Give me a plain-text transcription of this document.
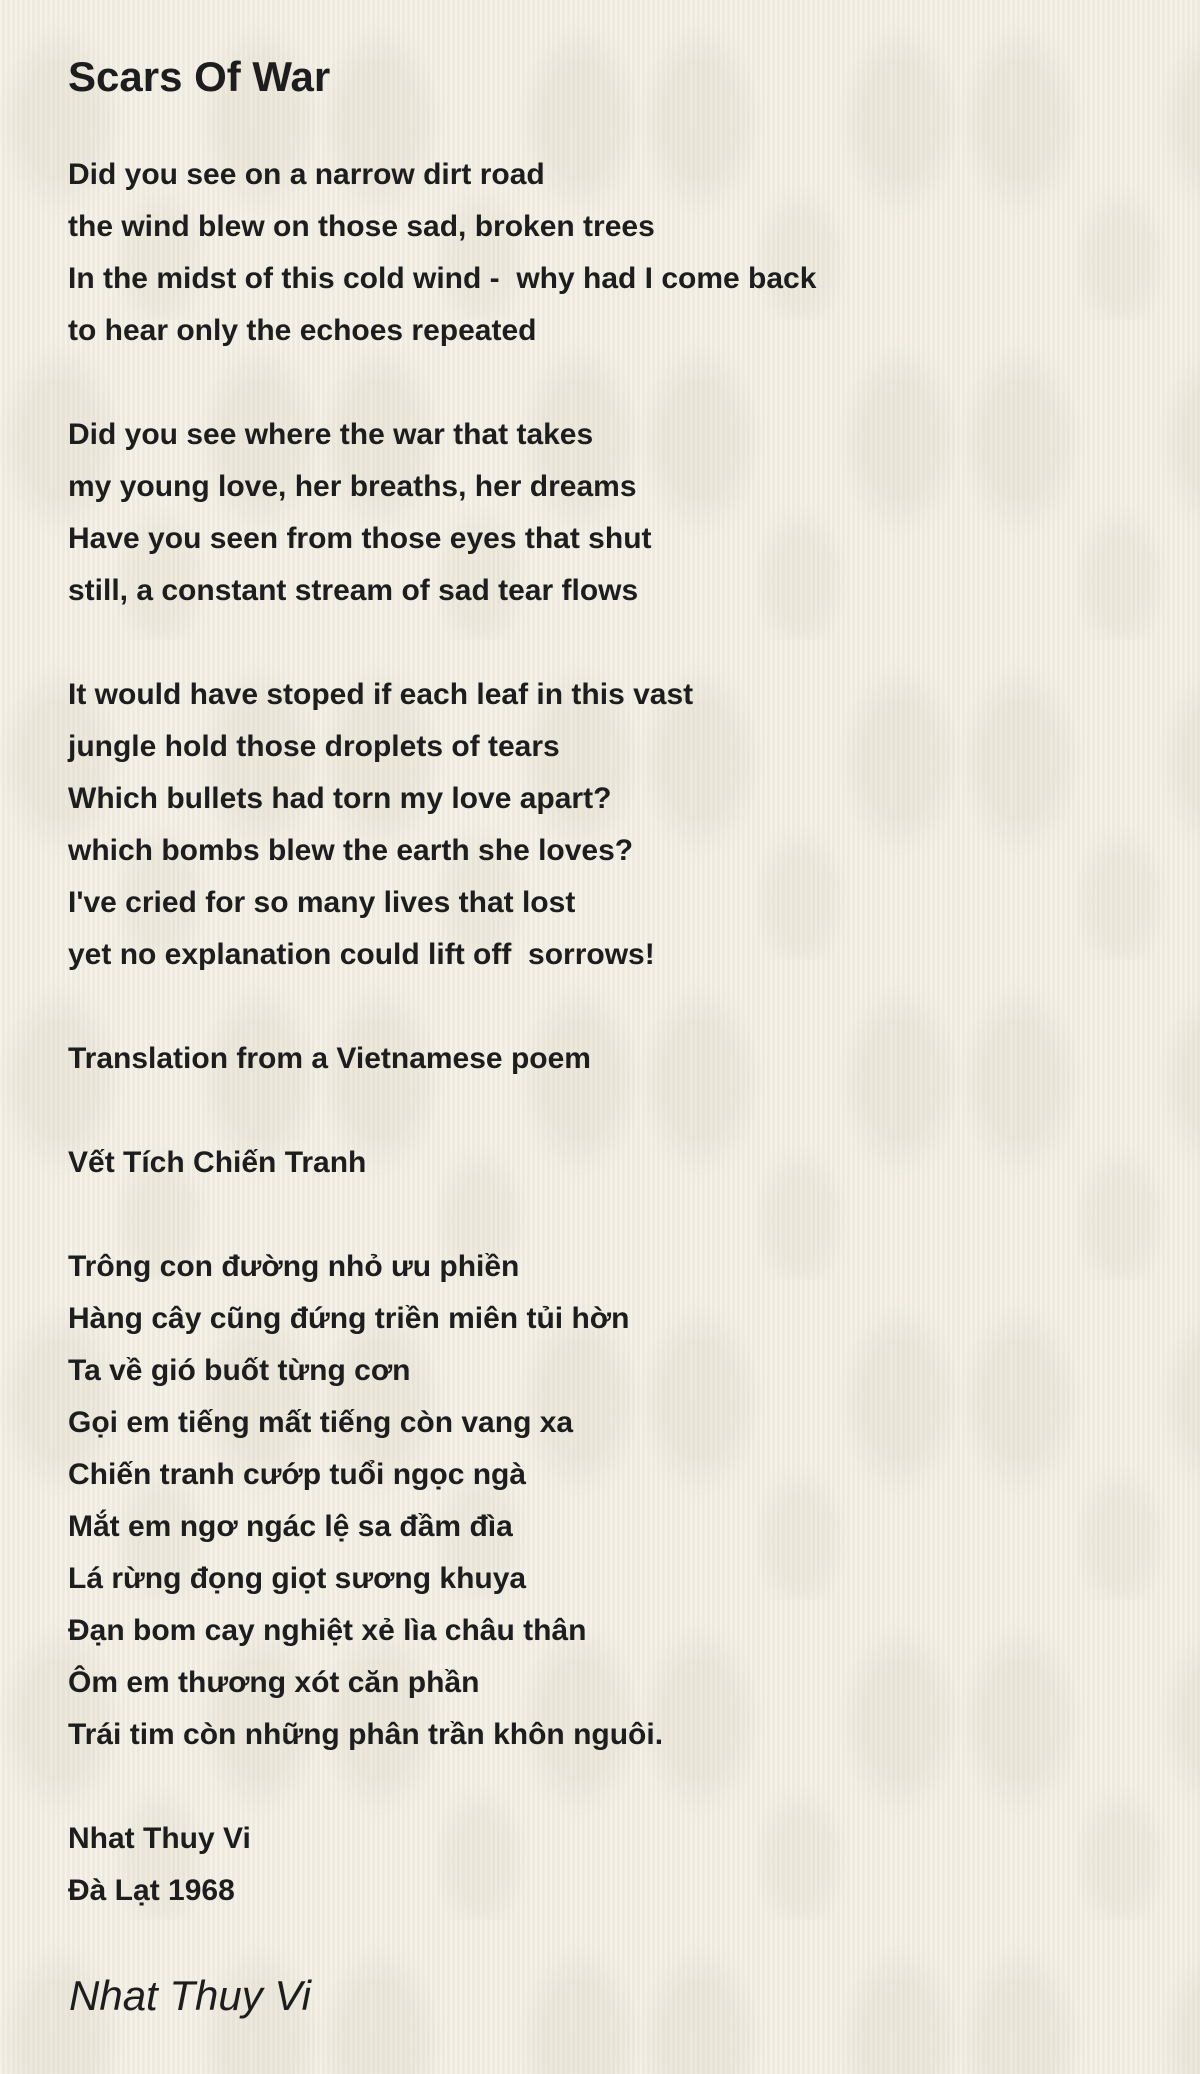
Scars Of War
Did you see on a narrow dirt road
the wind blew on those sad, broken trees
In the midst of this cold wind -  why had I come back
to hear only the echoes repeated
Did you see where the war that takes
my young love, her breaths, her dreams
Have you seen from those eyes that shut
still, a constant stream of sad tear flows
It would have stoped if each leaf in this vast
jungle hold those droplets of tears
Which bullets had torn my love apart?
which bombs blew the earth she loves?
I've cried for so many lives that lost
yet no explanation could lift off  sorrows!
Translation from a Vietnamese poem
Vết Tích Chiến Tranh
Trông con đường nhỏ ưu phiền
Hàng cây cũng đứng triền miên tủi hờn
Ta về gió buốt từng cơn
Gọi em tiếng mất tiếng còn vang xa
Chiến tranh cướp tuổi ngọc ngà
Mắt em ngơ ngác lệ sa đầm đìa
Lá rừng đọng giọt sương khuya
Đạn bom cay nghiệt xẻ lìa châu thân
Ôm em thương xót căn phần
Trái tim còn những phân trần khôn nguôi.
Nhat Thuy Vi
Đà Lạt 1968
Nhat Thuy Vi
